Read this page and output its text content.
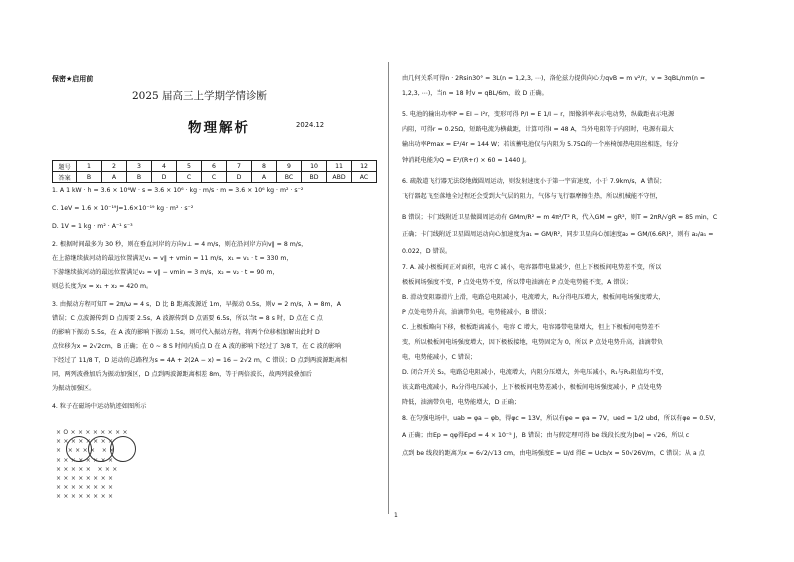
保密★启用前
2025 届高三上学期学情诊断
物理解析	2024.12
题号	1	2	3	4	5	6	7	8	9	10	11	12
答案	B	A	B	D	C	C	D	A	BC	BD	ABD	AC
1. A 1 kW · h = 3.6 × 10⁶W · s = 3.6 × 10⁶ · kg · m/s · m = 3.6 × 10⁶ kg · m² · s⁻²
C. 1eV = 1.6 × 10⁻¹⁹J=1.6×10⁻¹⁹ kg · m² · s⁻²
D. 1V = 1 kg · m² · A⁻¹ s⁻³
2. 根据时间最多为 30 秒，则在垂直河岸的方向v⊥ = 4 m/s，则在沿河岸方向v∥ = 8 m/s，
在上游继续拔河动的最远位置满足v₁ = v∥ + vmin = 11 m/s，x₁ = v₁ · t = 330 m，
下游继续拔河动的最远位置满足v₂ = v∥ − vmin = 3 m/s，x₂ = v₂ · t = 90 m，
则总长度为x = x₁ + x₂ = 420 m。
3. 由振动方程可知T = 2π/ω = 4 s，D 比 B 距离波源近 1m，早振动 0.5s，则v = 2 m/s，λ = 8m，A
错误；C 点波源传到 D 点需要 2.5s，A 波源传到 D 点需要 6.5s，所以当t = 8 s 时，D 点在 C 点
的影响下振动 5.5s，在 A 波的影响下振动 1.5s，则可代入振动方程，将两个位移相加解出此时 D
点位移为x = 2√2cm，B 正确；在 0 ~ 8 S 时间内质点 D 在 A 波的影响下经过了 3/8 T，在 C 波的影响
下经过了 11/8 T，D 运动的总路程为s = 4A + 2(2A − x) = 16 − 2√2 m，C 错误；D 点到两波源距离相
同，两列波叠加后为振动加强区，D 点到两波源距离相差 8m，等于两倍波长，故两列波叠加后
为振动加强区。
4. 粒子在磁场中运动轨迹如图所示
×O××××××××
××××××××
× ×××× ××
××××××××
××××× ×××
××××××××
××××××××
××××××××
由几何关系可得n · 2Rsin30° = 3L(n = 1,2,3, ⋯)，洛伦兹力提供向心力qvB = m v²/r，v = 3qBL/nm(n =
1,2,3, ⋯)，当n = 18 时v = qBL/6m，故 D 正确。
5. 电池的输出功率P = EI − I²r，变形可得 P/I = E 1/I − r，图像斜率表示电动势，纵截距表示电源
内阻，可得r = 0.25Ω，短路电流为横截距，计算可得I = 48 A，当外电阻等于内阻时，电源有最大
输出功率Pmax = E²/4r = 144 W；若该蓄电池仅与内阻为 5.75Ω的一个座椅加热电阻丝相连，每分
钟消耗电能为Q = E²/(R+r) × 60 = 1440 J。
6. 疏散道飞行器无法绕地做圆周运动，则发射速度小于第一宇宙速度，小于 7.9km/s，A 错误；
飞行器起飞至落地全过程还会受到大气层的阻力，气体与飞行器摩擦生热，所以机械能不守恒，
B 错误；卡门线附近卫星做圆周运动有 GMm/R² = m 4π²/T² R，代入GM = gR²，则T = 2πR/√gR ≈ 85 min，C
正确；卡门线附近卫星圆周运动向心加速度为a₁ = GM/R²，同步卫星向心加速度a₂ = GM/(6.6R)²，则有 a₂/a₁ =
0.022，D 错误。
7. A. 减小极板间正对面积，电容 C 减小，电容器带电量减少，但上下极板间电势差不变，所以
极板间场强度不变，P 点处电势不变，所以带电油滴在 P 点处电势能不变，A 错误；
B. 滑动变阻器滑片上滑，电路总电阻减小，电流增大，R₁分得电压增大，极板间电场强度增大，
P 点处电势升高，油滴带负电，电势能减小，B 错误；
C. 上极板略向下移，极板距离减小，电容 C 增大，电容器带电量增大，但上下极板间电势差不
变，所以极板间电场强度增大，因下极板接地，电势固定为 0，所以 P 点处电势升高，油滴带负
电，电势能减小，C 错误；
D. 闭合开关 S₂，电路总电阻减小，电流增大，内阻分压增大，外电压减小，R₁与R₃阻值均不变，
该支路电流减小，R₃分得电压减小，上下极板间电势差减小，极板间电场强度减小，P 点处电势
降低，油滴带负电，电势能增大，D 正确；
8. 在匀强电场中，uab = φa − φb，得φc = 13V，所以有φe = φa = 7V，ued = 1/2 ubd，所以有φe = 0.5V，
A 正确；由Ep = qφ得Epd = 4 × 10⁻⁵ J，B 错误；由与假定理可得 be 线段长度为|be| = √26，所以 c
点到 be 线段的距离为x = 6√2/√13 cm，由电场强度E = U/d 得E = Ucb/x = 50√26V/m，C 错误；从 a 点
1
